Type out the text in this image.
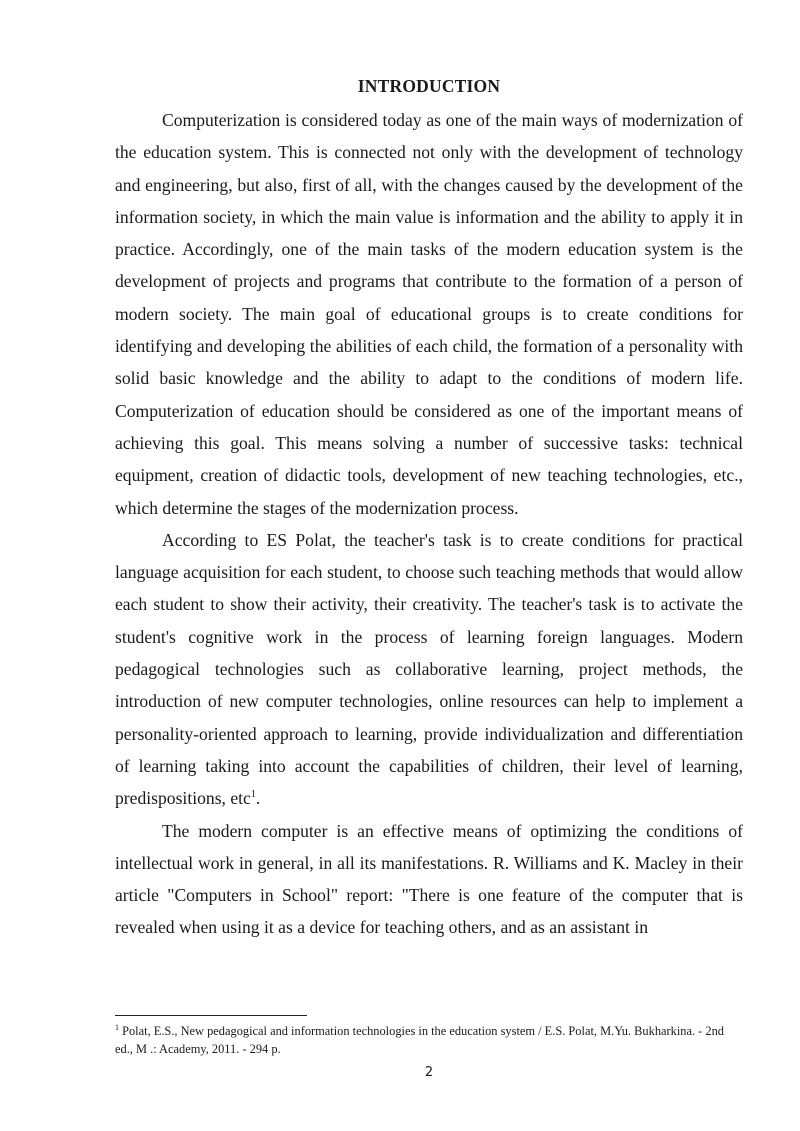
INTRODUCTION

Computerization is considered today as one of the main ways of modernization of the education system. This is connected not only with the development of technology and engineering, but also, first of all, with the changes caused by the development of the information society, in which the main value is information and the ability to apply it in practice. Accordingly, one of the main tasks of the modern education system is the development of projects and programs that contribute to the formation of a person of modern society. The main goal of educational groups is to create conditions for identifying and developing the abilities of each child, the formation of a personality with solid basic knowledge and the ability to adapt to the conditions of modern life. Computerization of education should be considered as one of the important means of achieving this goal. This means solving a number of successive tasks: technical equipment, creation of didactic tools, development of new teaching technologies, etc., which determine the stages of the modernization process.

According to ES Polat, the teacher's task is to create conditions for practical language acquisition for each student, to choose such teaching methods that would allow each student to show their activity, their creativity. The teacher's task is to activate the student's cognitive work in the process of learning foreign languages. Modern pedagogical technologies such as collaborative learning, project methods, the introduction of new computer technologies, online resources can help to implement a personality-oriented approach to learning, provide individualization and differentiation of learning taking into account the capabilities of children, their level of learning, predispositions, etc$^1$.

The modern computer is an effective means of optimizing the conditions of intellectual work in general, in all its manifestations. R. Williams and K. Macley in their article "Computers in School" report: "There is one feature of the computer that is revealed when using it as a device for teaching others, and as an assistant in

$^1$ Polat, E.S., New pedagogical and information technologies in the education system / E.S. Polat, M.Yu. Bukharkina. - 2nd ed., M .: Academy, 2011. - 294 p.
2
